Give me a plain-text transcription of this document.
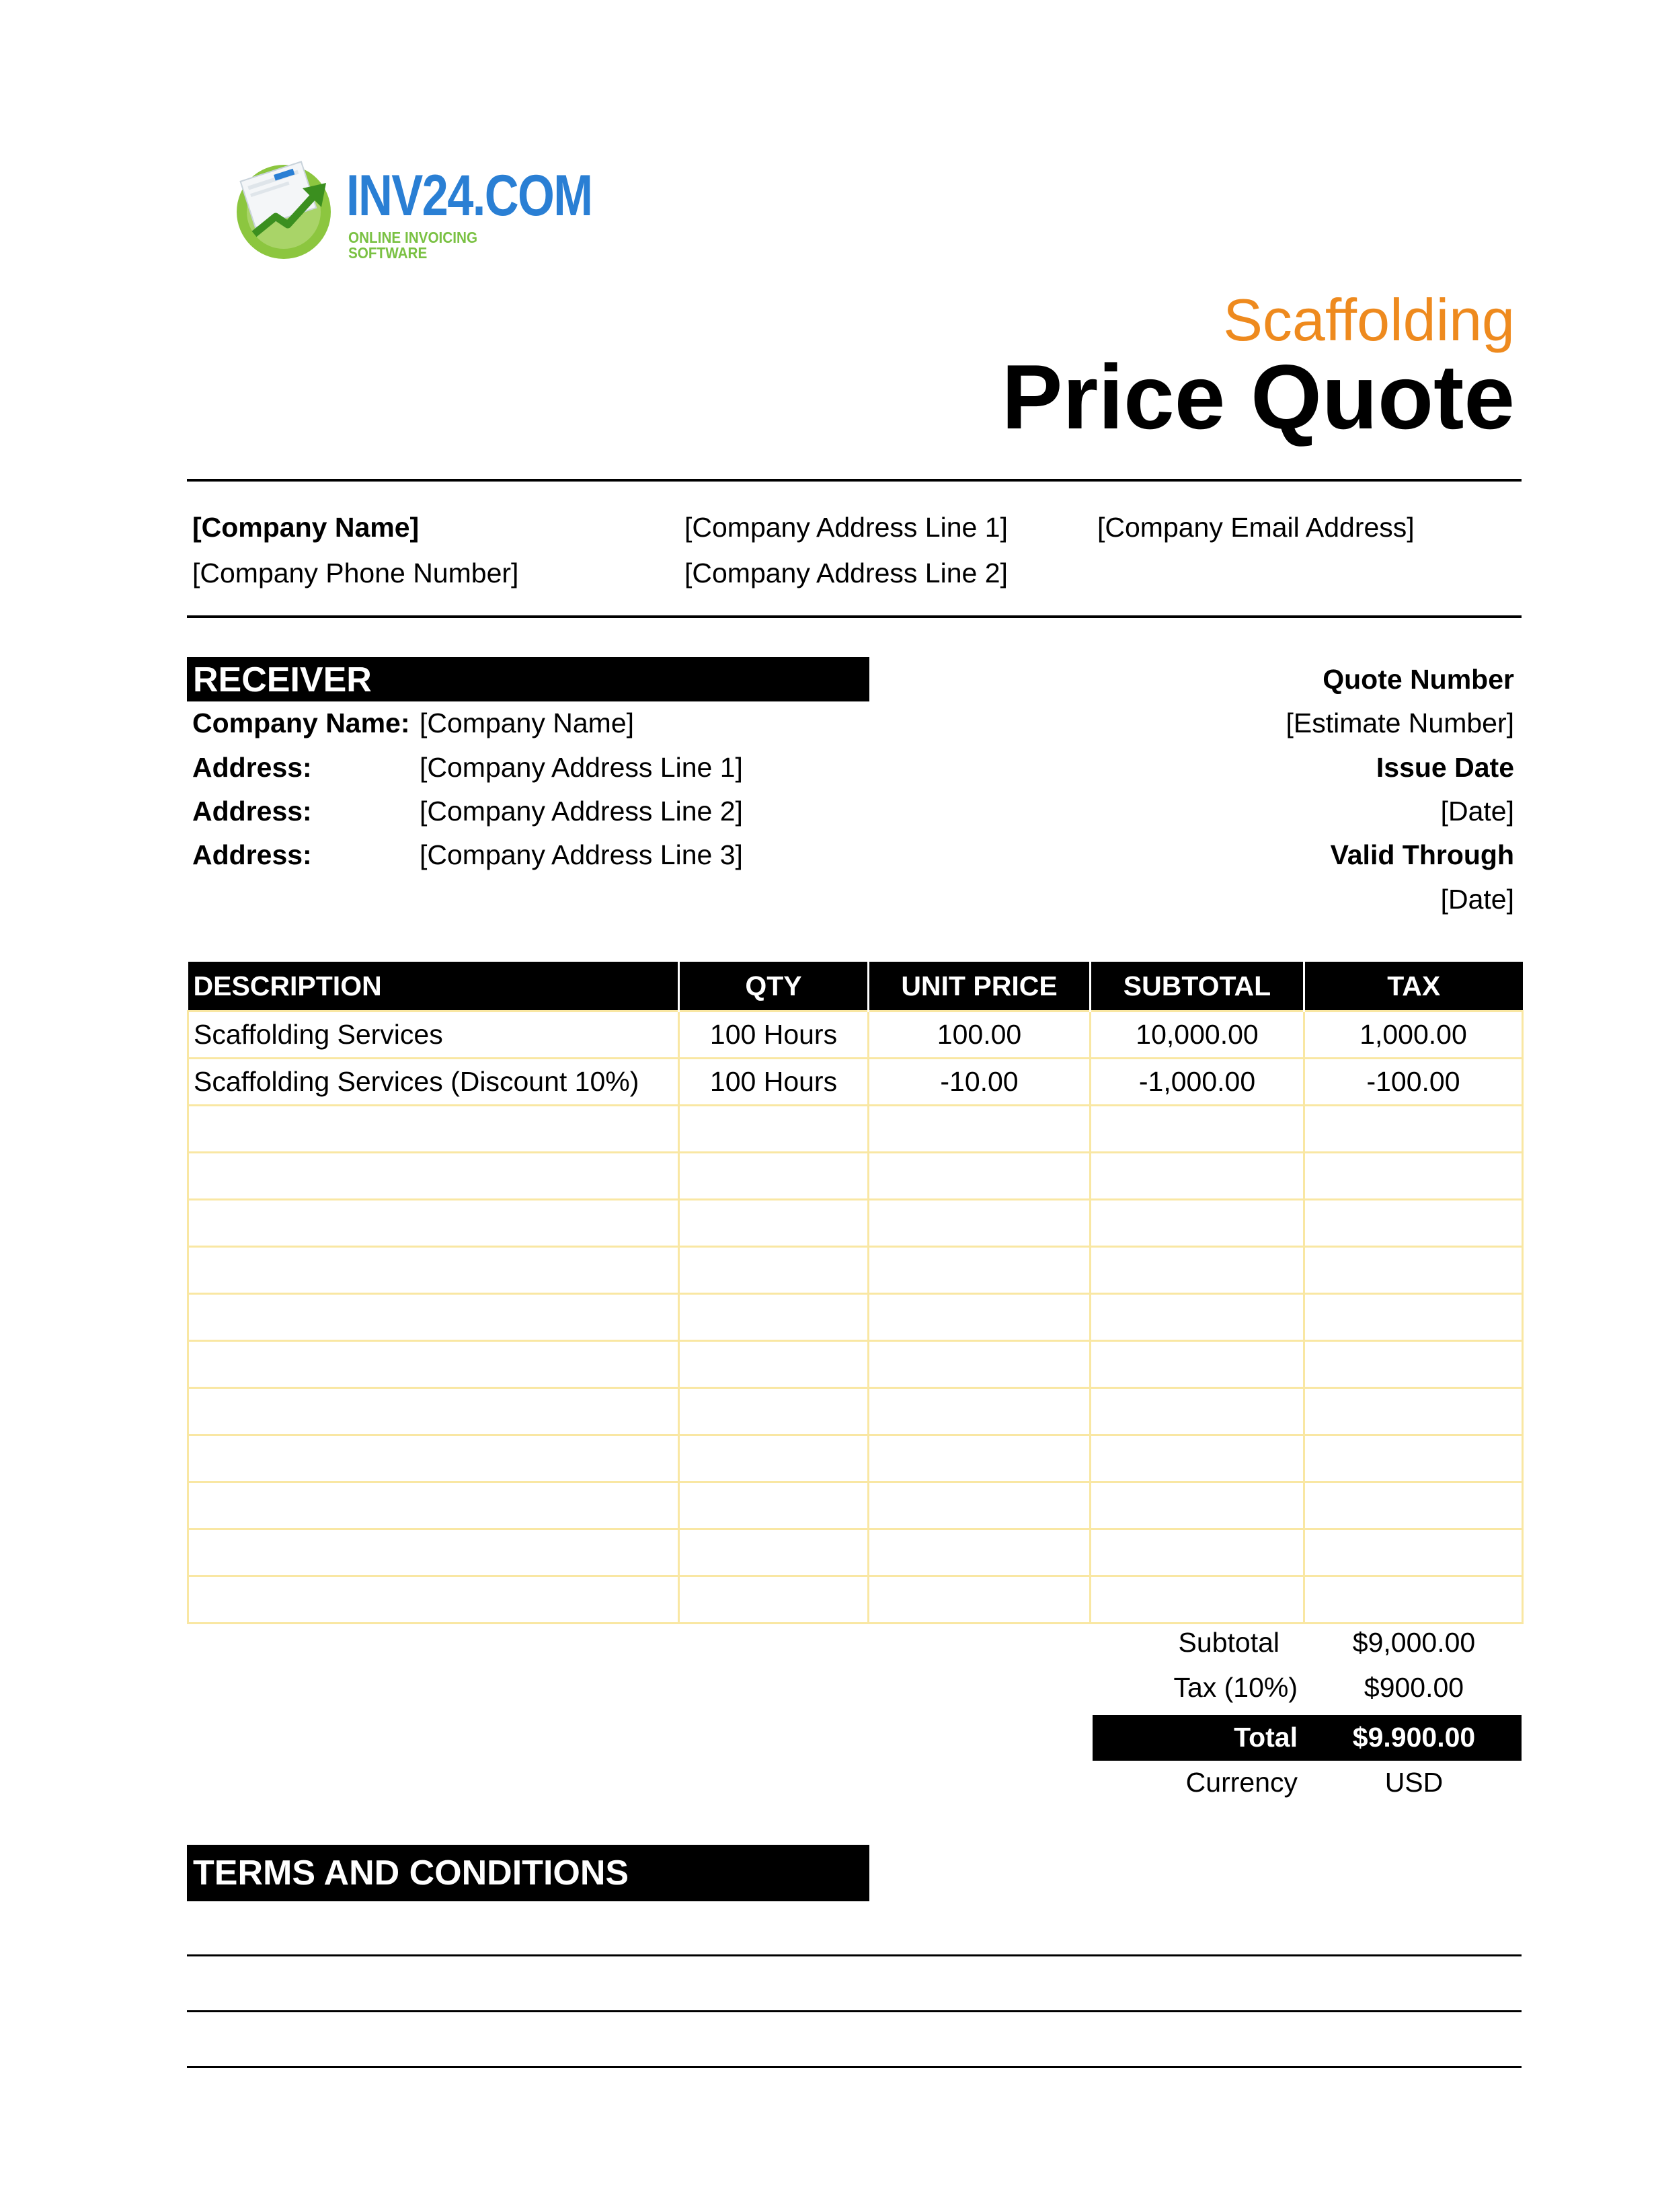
INV24.COM
ONLINE INVOICING SOFTWARE
Scaffolding
Price Quote
[Company Name]
[Company Phone Number]
[Company Address Line 1]
[Company Address Line 2]
[Company Email Address]
RECEIVER
Company Name: [Company Name]
Address:	[Company Address Line 1]
Address:	[Company Address Line 2]
Address:	[Company Address Line 3]
Quote Number
[Estimate Number]
Issue Date
[Date]
Valid Through
[Date]
DESCRIPTION	QTY	UNIT PRICE	SUBTOTAL	TAX
Scaffolding Services	100 Hours	100.00	10,000.00	1,000.00
Scaffolding Services (Discount 10%)	100 Hours	-10.00	-1,000.00	-100.00

Subtotal	$9,000.00
Tax (10%)	$900.00
Total	$9.900.00
Currency	USD
TERMS AND CONDITIONS
